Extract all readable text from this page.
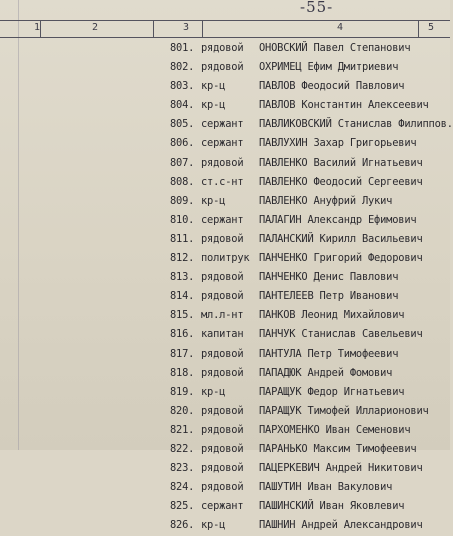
-55-
1	2	3	4	5
801. рядовой ОНОВСКИЙ Павел Степанович
802. рядовой ОХРИМЕЦ Ефим Дмитриевич
803. кр-ц	ПАВЛОВ Феодосий Павлович
804. кр-ц	ПАВЛОВ Константин Алексеевич
805. сержант ПАВЛИКОВСКИЙ Станислав Филиппов.
806. сержант ПАВЛУХИН Захар Григорьевич
807. рядовой ПАВЛЕНКО Василий Игнатьевич
808. ст.с-нт ПАВЛЕНКО Феодосий Сергеевич
809. кр-ц	ПАВЛЕНКО Ануфрий Лукич
810. сержант ПАЛАГИН Александр Ефимович
811. рядовой ПАЛАНСКИЙ Кирилл Васильевич
812. политрук ПАНЧЕНКО Григорий Федорович
813. рядовой ПАНЧЕНКО Денис Павлович
814. рядовой ПАНТЕЛЕЕВ Петр Иванович
815. мл.л-нт ПАНКОВ Леонид Михайлович
816. капитан ПАНЧУК Станислав Савельевич
817. рядовой ПАНТУЛА Петр Тимофеевич
818. рядовой ПАПАДЮК Андрей Фомович
819. кр-ц	ПАРАЩУК Федор Игнатьевич
820. рядовой ПАРАЩУК Тимофей Илларионович
821. рядовой ПАРХОМЕНКО Иван Семенович
822. рядовой ПАРАНЬКО Максим Тимофеевич
823. рядовой ПАЦЕРКЕВИЧ Андрей Никитович
824. рядовой ПАШУТИН Иван Вакулович
825. сержант ПАШИНСКИЙ Иван Яковлевич
826. кр-ц	ПАШНИН Андрей Александрович
